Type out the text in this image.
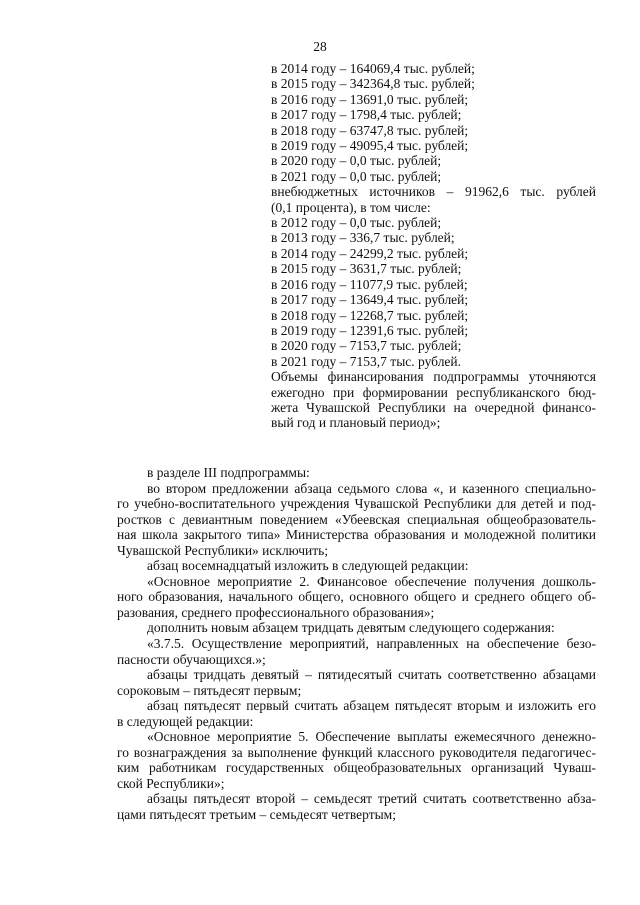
28
в 2014 году – 164069,4 тыс. рублей;
в 2015 году – 342364,8 тыс. рублей;
в 2016 году – 13691,0 тыс. рублей;
в 2017 году – 1798,4 тыс. рублей;
в 2018 году – 63747,8 тыс. рублей;
в 2019 году – 49095,4 тыс. рублей;
в 2020 году – 0,0 тыс. рублей;
в 2021 году – 0,0 тыс. рублей;
внебюджетных источников – 91962,6 тыс. рублей
(0,1 процента), в том числе:
в 2012 году – 0,0 тыс. рублей;
в 2013 году – 336,7 тыс. рублей;
в 2014 году – 24299,2 тыс. рублей;
в 2015 году – 3631,7 тыс. рублей;
в 2016 году – 11077,9 тыс. рублей;
в 2017 году – 13649,4 тыс. рублей;
в 2018 году – 12268,7 тыс. рублей;
в 2019 году – 12391,6 тыс. рублей;
в 2020 году – 7153,7 тыс. рублей;
в 2021 году – 7153,7 тыс. рублей.
Объемы финансирования подпрограммы уточняются
ежегодно при формировании республиканского бюд-
жета Чувашской Республики на очередной финансо-
вый год и плановый период»;
в разделе III подпрограммы:
во втором предложении абзаца седьмого слова «, и казенного специально-
го учебно-воспитательного учреждения Чувашской Республики для детей и под-
ростков с девиантным поведением «Убеевская специальная общеобразователь-
ная школа закрытого типа» Министерства образования и молодежной политики
Чувашской Республики» исключить;
абзац восемнадцатый изложить в следующей редакции:
«Основное мероприятие 2. Финансовое обеспечение получения дошколь-
ного образования, начального общего, основного общего и среднего общего об-
разования, среднего профессионального образования»;
дополнить новым абзацем тридцать девятым следующего содержания:
«3.7.5. Осуществление мероприятий, направленных на обеспечение безо-
пасности обучающихся.»;
абзацы тридцать девятый – пятидесятый считать соответственно абзацами
сороковым – пятьдесят первым;
абзац пятьдесят первый считать абзацем пятьдесят вторым и изложить его
в следующей редакции:
«Основное мероприятие 5. Обеспечение выплаты ежемесячного денежно-
го вознаграждения за выполнение функций классного руководителя педагогичес-
ким работникам государственных общеобразовательных организаций Чуваш-
ской Республики»;
абзацы пятьдесят второй – семьдесят третий считать соответственно абза-
цами пятьдесят третьим – семьдесят четвертым;
